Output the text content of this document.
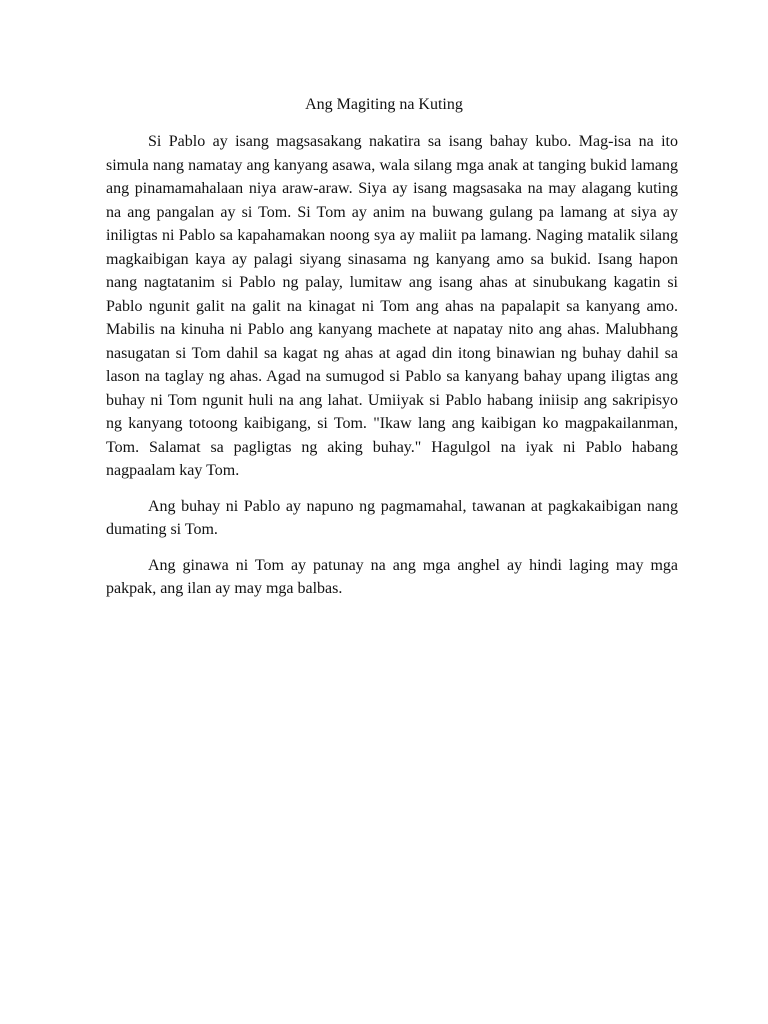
Ang Magiting na Kuting

Si Pablo ay isang magsasakang nakatira sa isang bahay kubo. Mag-isa na ito simula nang namatay ang kanyang asawa, wala silang mga anak at tanging bukid lamang ang pinamamahalaan niya araw-araw. Siya ay isang magsasaka na may alagang kuting na ang pangalan ay si Tom. Si Tom ay anim na buwang gulang pa lamang at siya ay iniligtas ni Pablo sa kapahamakan noong sya ay maliit pa lamang. Naging matalik silang magkaibigan kaya ay palagi siyang sinasama ng kanyang amo sa bukid. Isang hapon nang nagtatanim si Pablo ng palay, lumitaw ang isang ahas at sinubukang kagatin si Pablo ngunit galit na galit na kinagat ni Tom ang ahas na papalapit sa kanyang amo. Mabilis na kinuha ni Pablo ang kanyang machete at napatay nito ang ahas. Malubhang nasugatan si Tom dahil sa kagat ng ahas at agad din itong binawian ng buhay dahil sa lason na taglay ng ahas. Agad na sumugod si Pablo sa kanyang bahay upang iligtas ang buhay ni Tom ngunit huli na ang lahat. Umiiyak si Pablo habang iniisip ang sakripisyo ng kanyang totoong kaibigang, si Tom. "Ikaw lang ang kaibigan ko magpakailanman, Tom. Salamat sa pagligtas ng aking buhay." Hagulgol na iyak ni Pablo habang nagpaalam kay Tom.

Ang buhay ni Pablo ay napuno ng pagmamahal, tawanan at pagkakaibigan nang dumating si Tom.

Ang ginawa ni Tom ay patunay na ang mga anghel ay hindi laging may mga pakpak, ang ilan ay may mga balbas.
